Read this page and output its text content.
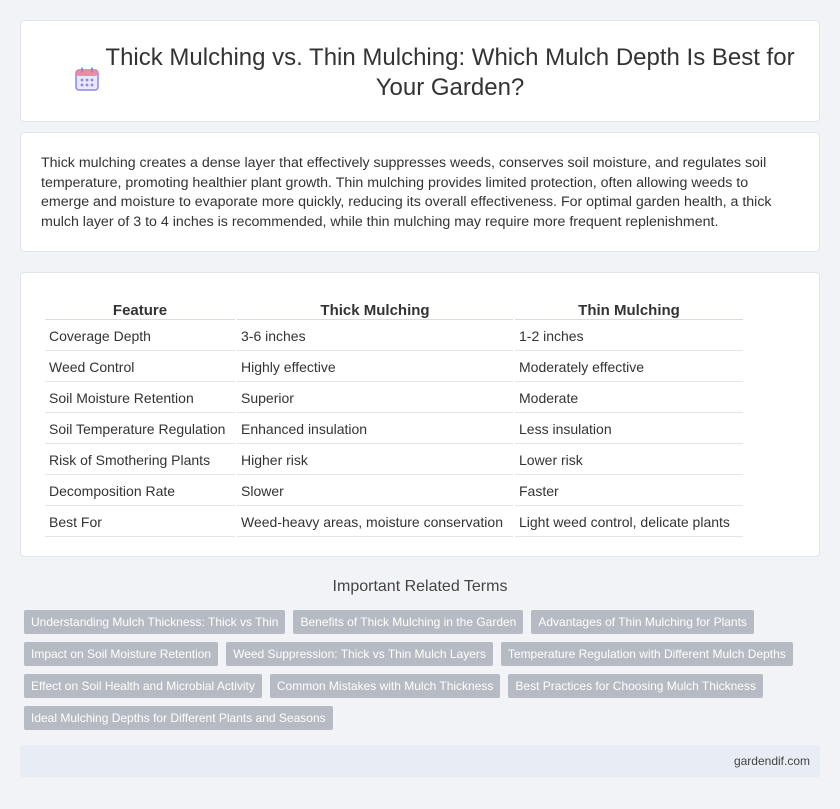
Thick Mulching vs. Thin Mulching: Which Mulch Depth Is Best for Your Garden?

Thick mulching creates a dense layer that effectively suppresses weeds, conserves soil moisture, and regulates soil temperature, promoting healthier plant growth. Thin mulching provides limited protection, often allowing weeds to emerge and moisture to evaporate more quickly, reducing its overall effectiveness. For optimal garden health, a thick mulch layer of 3 to 4 inches is recommended, while thin mulching may require more frequent replenishment.

Feature	Thick Mulching	Thin Mulching
Coverage Depth	3-6 inches	1-2 inches
Weed Control	Highly effective	Moderately effective
Soil Moisture Retention	Superior	Moderate
Soil Temperature Regulation	Enhanced insulation	Less insulation
Risk of Smothering Plants	Higher risk	Lower risk
Decomposition Rate	Slower	Faster
Best For	Weed-heavy areas, moisture conservation	Light weed control, delicate plants
Important Related Terms
Understanding Mulch Thickness: Thick vs Thin	Benefits of Thick Mulching in the Garden	Advantages of Thin Mulching for Plants
Impact on Soil Moisture Retention	Weed Suppression: Thick vs Thin Mulch Layers	Temperature Regulation with Different Mulch Depths
Effect on Soil Health and Microbial Activity	Common Mistakes with Mulch Thickness	Best Practices for Choosing Mulch Thickness
Ideal Mulching Depths for Different Plants and Seasons
gardendif.com
